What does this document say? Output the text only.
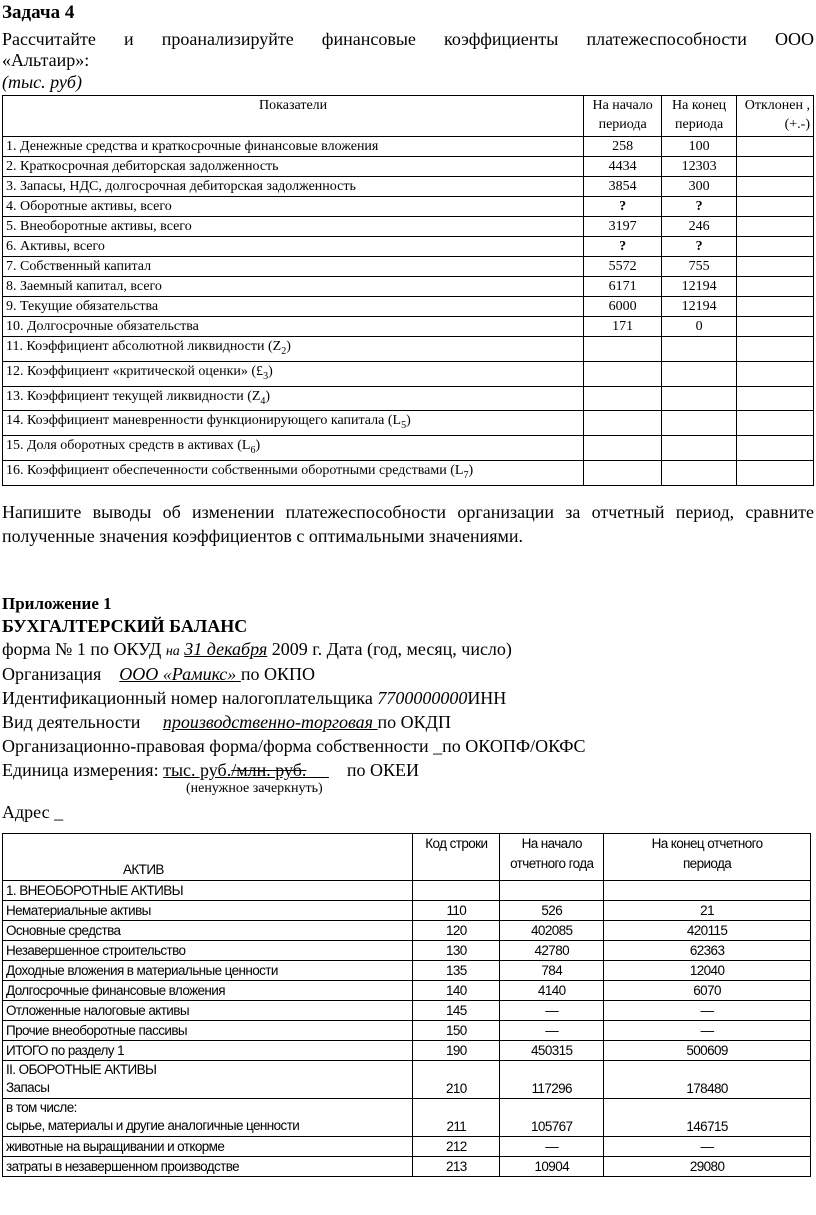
Задача 4
Рассчитайте и проанализируйте финансовые коэффициенты платежеспособности ООО
«Альтаир»:
(тыс. руб)
Показатели	На начало периода	На конец периода	Отклонен , (+.-)
1. Денежные средства и краткосрочные финансовые вложения	258	100	
2. Краткосрочная дебиторская задолженность	4434	12303	
3. Запасы, НДС, долгосрочная дебиторская задолженность	3854	300	
4. Оборотные активы, всего	?	?	
5. Внеоборотные активы, всего	3197	246	
6. Активы, всего	?	?	
7. Собственный капитал	5572	755	
8. Заемный капитал, всего	6171	12194	
9. Текущие обязательства	6000	12194	
10. Долгосрочные обязательства	171	0	
11. Коэффициент абсолютной ликвидности $(Z_2)$			
12. Коэффициент «критической оценки» $(£_3)$			
13. Коэффициент текущей ликвидности $(Z_4)$			
14. Коэффициент маневренности функционирующего капитала $(L_5)$			
15. Доля оборотных средств в активах $(L_6)$			
16. Коэффициент обеспеченности собственными оборотными средствами $(L_7)$			
Напишите выводы об изменении платежеспособности организации за отчетный период, сравните полученные значения коэффициентов с оптимальными значениями.
Приложение 1
БУХГАЛТЕРСКИЙ БАЛАНС
форма № 1 по ОКУД на 31 декабря 2009 г. Дата (год, месяц, число)
Организация ООО «Рамикс» по ОКПО
Идентификационный номер налогоплательщика 7700000000ИНН
Вид деятельности производственно-торговая по ОКДП
Организационно-правовая форма/форма собственности _по ОКОПФ/ОКФС
Единица измерения: тыс. руб./млн. руб. по ОКЕИ
(ненужное зачеркнуть)
Адрес _
АКТИВ	Код строки	На начало отчетного года	На конец отчетного периода
1. ВНЕОБОРОТНЫЕ АКТИВЫ			
Нематериальные активы	110	526	21
Основные средства	120	402085	420115
Незавершенное строительство	130	42780	62363
Доходные вложения в материальные ценности	135	784	12040
Долгосрочные финансовые вложения	140	4140	6070
Отложенные налоговые активы	145	—	—
Прочие внеоборотные пассивы	150	—	—
ИТОГО по разделу 1	190	450315	500609

II. ОБОРОТНЫЕ АКТИВЫ
Запасы	210	117296	178480

в том числе:
сырье, материалы и другие аналогичные ценности	211	105767	146715
животные на выращивании и откорме	212	—	—
затраты в незавершенном производстве	213	10904	29080
